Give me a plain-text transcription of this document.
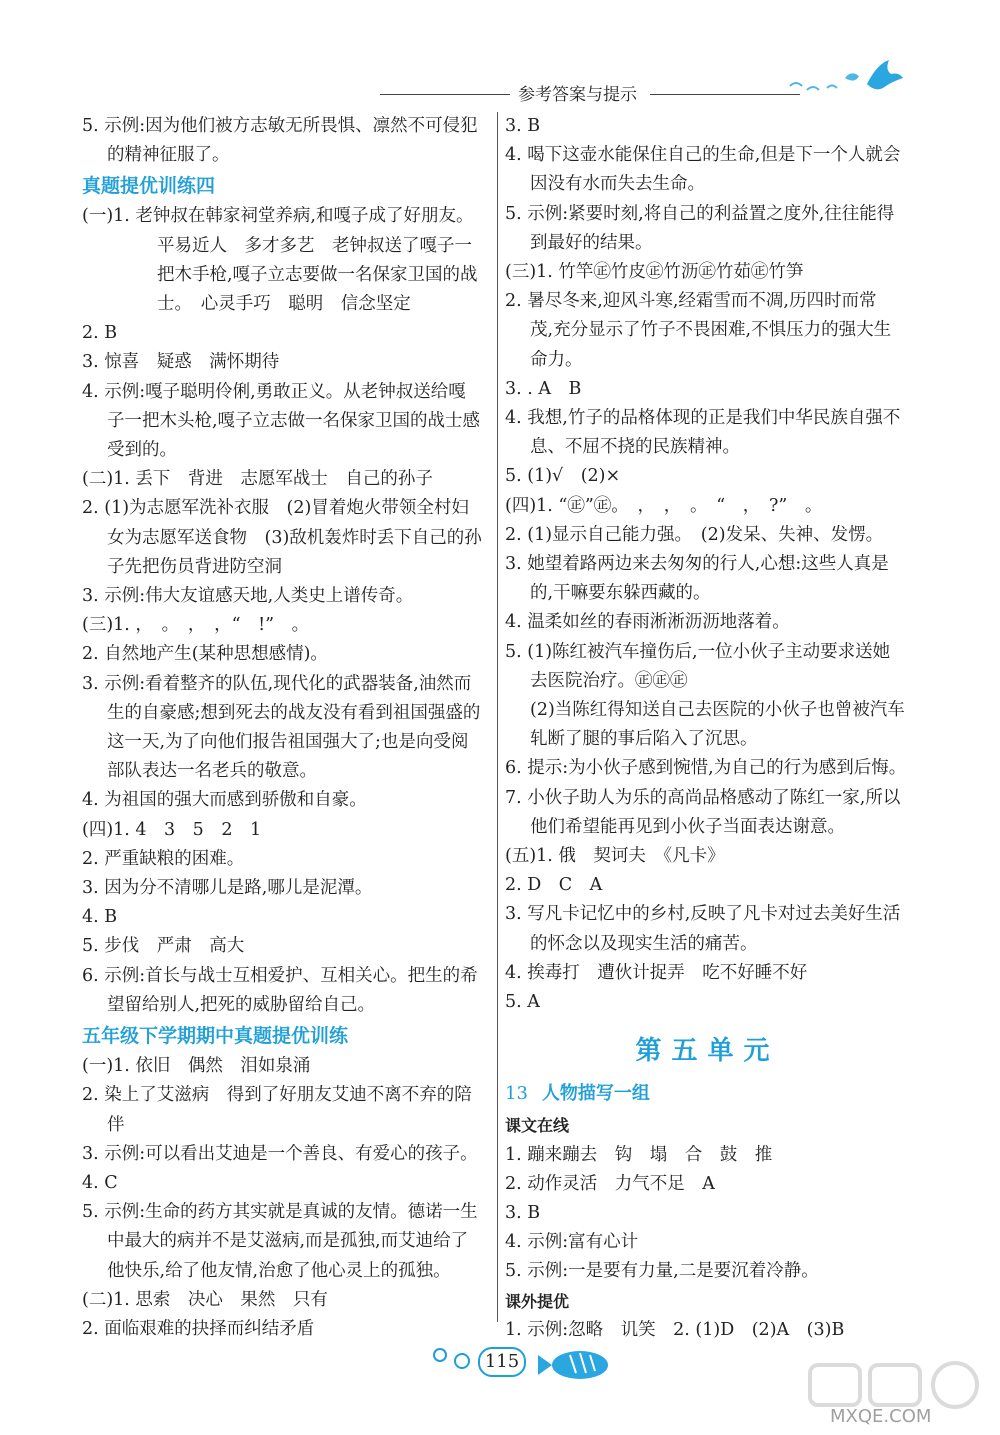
参考答案与提示
5. 示例:因为他们被方志敏无所畏惧、凛然不可侵犯
的精神征服了。
真题提优训练四
(一)1. 老钟叔在韩家祠堂养病,和嘎子成了好朋友。
平易近人　多才多艺　老钟叔送了嘎子一
把木手枪,嘎子立志要做一名保家卫国的战
士。　心灵手巧　聪明　信念坚定
2. B
3. 惊喜　疑惑　满怀期待
4. 示例:嘎子聪明伶俐,勇敢正义。从老钟叔送给嘎
子一把木头枪,嘎子立志做一名保家卫国的战士感
受到的。
(二)1. 丢下　背进　志愿军战士　自己的孙子
2. (1)为志愿军洗补衣服　(2)冒着炮火带领全村妇
女为志愿军送食物　(3)敌机轰炸时丢下自己的孙
子先把伤员背进防空洞
3. 示例:伟大友谊感天地,人类史上谱传奇。
(三)1. ，　。　，　，“　!”　。
2. 自然地产生(某种思想感情)。
3. 示例:看着整齐的队伍,现代化的武器装备,油然而
生的自豪感;想到死去的战友没有看到祖国强盛的
这一天,为了向他们报告祖国强大了;也是向受阅
部队表达一名老兵的敬意。
4. 为祖国的强大而感到骄傲和自豪。
(四)1. 4　3　5　2　1
2. 严重缺粮的困难。
3. 因为分不清哪儿是路,哪儿是泥潭。
4. B
5. 步伐　严肃　高大
6. 示例:首长与战士互相爱护、互相关心。把生的希
望留给别人,把死的威胁留给自己。
五年级下学期期中真题提优训练
(一)1. 依旧　偶然　泪如泉涌
2. 染上了艾滋病　得到了好朋友艾迪不离不弃的陪
伴
3. 示例:可以看出艾迪是一个善良、有爱心的孩子。
4. C
5. 示例:生命的药方其实就是真诚的友情。德诺一生
中最大的病并不是艾滋病,而是孤独,而艾迪给了
他快乐,给了他友情,治愈了他心灵上的孤独。
(二)1. 思索　决心　果然　只有
2. 面临艰难的抉择而纠结矛盾
3. B
4. 喝下这壶水能保住自己的生命,但是下一个人就会
因没有水而失去生命。
5. 示例:紧要时刻,将自己的利益置之度外,往往能得
到最好的结果。
(三)1. 竹竿㊣竹皮㊣竹沥㊣竹茹㊣竹笋
2. 暑尽冬来,迎风斗寒,经霜雪而不凋,历四时而常
茂,充分显示了竹子不畏困难,不惧压力的强大生
命力。
3. . A　B
4. 我想,竹子的品格体现的正是我们中华民族自强不
息、不屈不挠的民族精神。
5. (1)√　(2)×
(四)1. “㊣”㊣。　，　，　。　“　，　?”　。
2. (1)显示自己能力强。　(2)发呆、失神、发愣。
3. 她望着路两边来去匆匆的行人,心想:这些人真是
的,干嘛要东躲西藏的。
4. 温柔如丝的春雨淅淅沥沥地落着。
5. (1)陈红被汽车撞伤后,一位小伙子主动要求送她
去医院治疗。㊣㊣㊣
(2)当陈红得知送自己去医院的小伙子也曾被汽车
轧断了腿的事后陷入了沉思。
6. 提示:为小伙子感到惋惜,为自己的行为感到后悔。
7. 小伙子助人为乐的高尚品格感动了陈红一家,所以
他们希望能再见到小伙子当面表达谢意。
(五)1. 俄　契诃夫　《凡卡》
2. D　C　A
3. 写凡卡记忆中的乡村,反映了凡卡对过去美好生活
的怀念以及现实生活的痛苦。
4. 挨毒打　遭伙计捉弄　吃不好睡不好
5. A
第五单元
13 人物描写一组
课文在线
1. 蹦来蹦去　钩　塌　合　鼓　推
2. 动作灵活　力气不足　A
3. B
4. 示例:富有心计
5. 示例:一是要有力量,二是要沉着冷静。
课外提优
1. 示例:忽略　讥笑　2. (1)D　(2)A　(3)B
115
MXQE.COM
